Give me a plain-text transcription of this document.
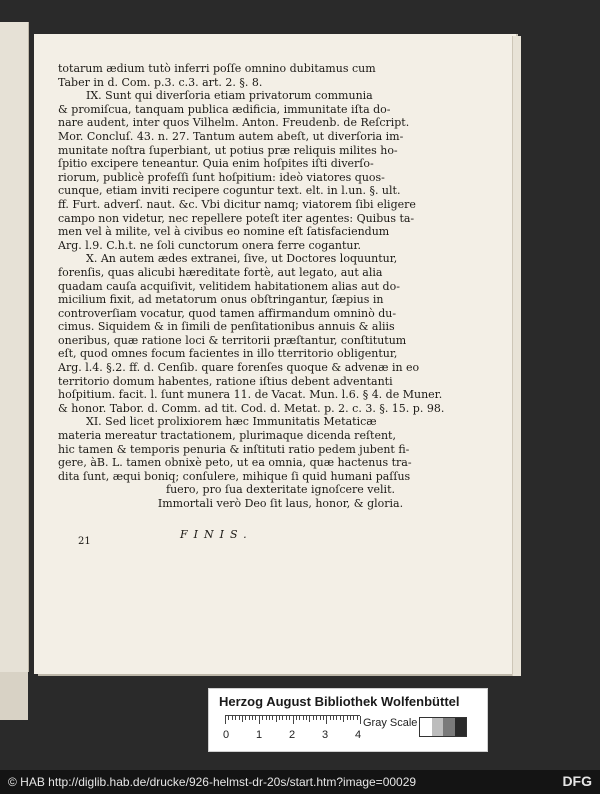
totarum ædium tutò inferri poſſe omnino dubitamus cum
Taber in d. Com. p.3. c.3. art. 2. §. 8.
IX. Sunt qui diverſoria etiam privatorum communia
& promiſcua, tanquam publica ædificia, immunitate iſta do-
nare audent, inter quos Vilhelm. Anton. Freudenb. de Reſcript.
Mor. Concluſ. 43. n. 27. Tantum autem abeſt, ut diverſoria im-
munitate noſtra ſuperbiant, ut potius præ reliquis milites ho-
ſpitio excipere teneantur. Quia enim hoſpites iſti diverſo-
riorum, publicè profeſſi ſunt hoſpitium: ideò viatores quos-
cunque, etiam inviti recipere coguntur text. elt. in l.un. §. ult.
ff. Furt. adverſ. naut. &c. Vbi dicitur namq; viatorem ſibi eligere
campo non videtur, nec repellere poteſt iter agentes: Quibus ta-
men vel à milite, vel à civibus eo nomine eſt ſatisfaciendum
Arg. l.9. C.h.t. ne ſoli cunctorum onera ferre cogantur.
X. An autem ædes extranei, ſive, ut Doctores loquuntur,
forenſis, quas alicubi hæreditate fortè, aut legato, aut alia
quadam cauſa acquiſivit, velitidem habitationem alias aut do-
micilium fixit, ad metatorum onus obſtringantur, ſæpius in
controverſiam vocatur, quod tamen affirmandum omninò du-
cimus. Siquidem & in ſimili de penſitationibus annuis & aliis
oneribus, quæ ratione loci & territorii præſtantur, conſtitutum
eſt, quod omnes focum facientes in illo tterritorio obligentur,
Arg. l.4. §.2. ff. d. Cenſib. quare forenſes quoque & advenæ in eo
territorio domum habentes, ratione iſtius debent adventanti
hoſpitium. facit. l. ſunt munera 11. de Vacat. Mun. l.6. § 4. de Muner.
& honor. Tabor. d. Comm. ad tit. Cod. d. Metat. p. 2. c. 3. §. 15. p. 98.
XI. Sed licet prolixiorem hæc Immunitatis Metaticæ
materia mereatur tractationem, plurimaque dicenda reſtent,
hic tamen & temporis penuria & inſtituti ratio pedem jubent fi-
gere, àB. L. tamen obnixè peto, ut ea omnia, quæ hactenus tra-
dita ſunt, æqui boniq; conſulere, mihique ſi quid humani paſſus
fuero, pro ſua dexteritate ignoſcere velit.
Immortali verò Deo ſit laus, honor, & gloria.
21
FINIS.
Herzog August Bibliothek Wolfenbüttel
0 1 2 3 4
Gray Scale
© HAB http://diglib.hab.de/drucke/926-helmst-dr-20s/start.htm?image=00029	DFG
